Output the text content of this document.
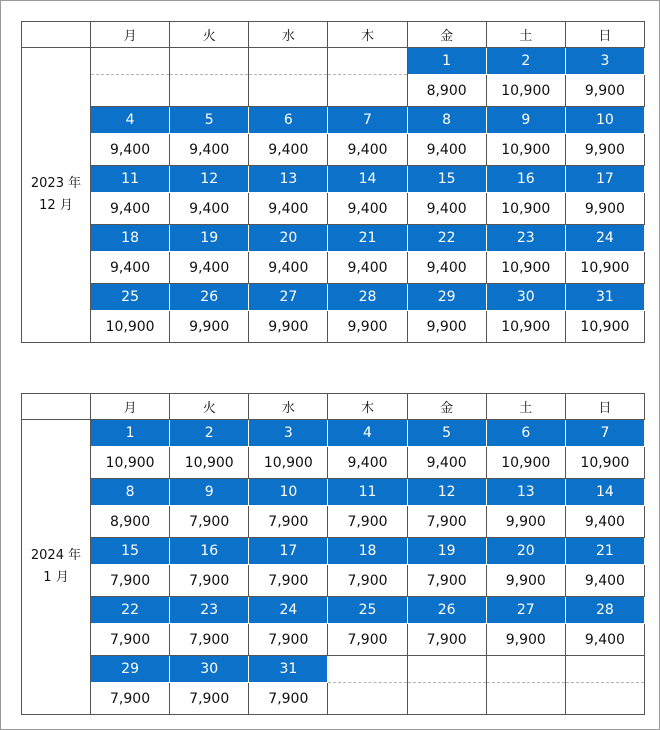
	月	火	水	木	金	土	日

2023 年
12 月					1	2	3
					8,900	10,900	9,900
	4	5	6	7	8	9	10
	9,400	9,400	9,400	9,400	9,400	10,900	9,900
	11	12	13	14	15	16	17
	9,400	9,400	9,400	9,400	9,400	10,900	9,900
	18	19	20	21	22	23	24
	9,400	9,400	9,400	9,400	9,400	10,900	10,900
	25	26	27	28	29	30	31
	10,900	9,900	9,900	9,900	9,900	10,900	10,900
	月	火	水	木	金	土	日

2024 年
1 月	1	2	3	4	5	6	7
	10,900	10,900	10,900	9,400	9,400	10,900	10,900
	8	9	10	11	12	13	14
	8,900	7,900	7,900	7,900	7,900	9,900	9,400
	15	16	17	18	19	20	21
	7,900	7,900	7,900	7,900	7,900	9,900	9,400
	22	23	24	25	26	27	28
	7,900	7,900	7,900	7,900	7,900	9,900	9,400
	29	30	31				
	7,900	7,900	7,900				
